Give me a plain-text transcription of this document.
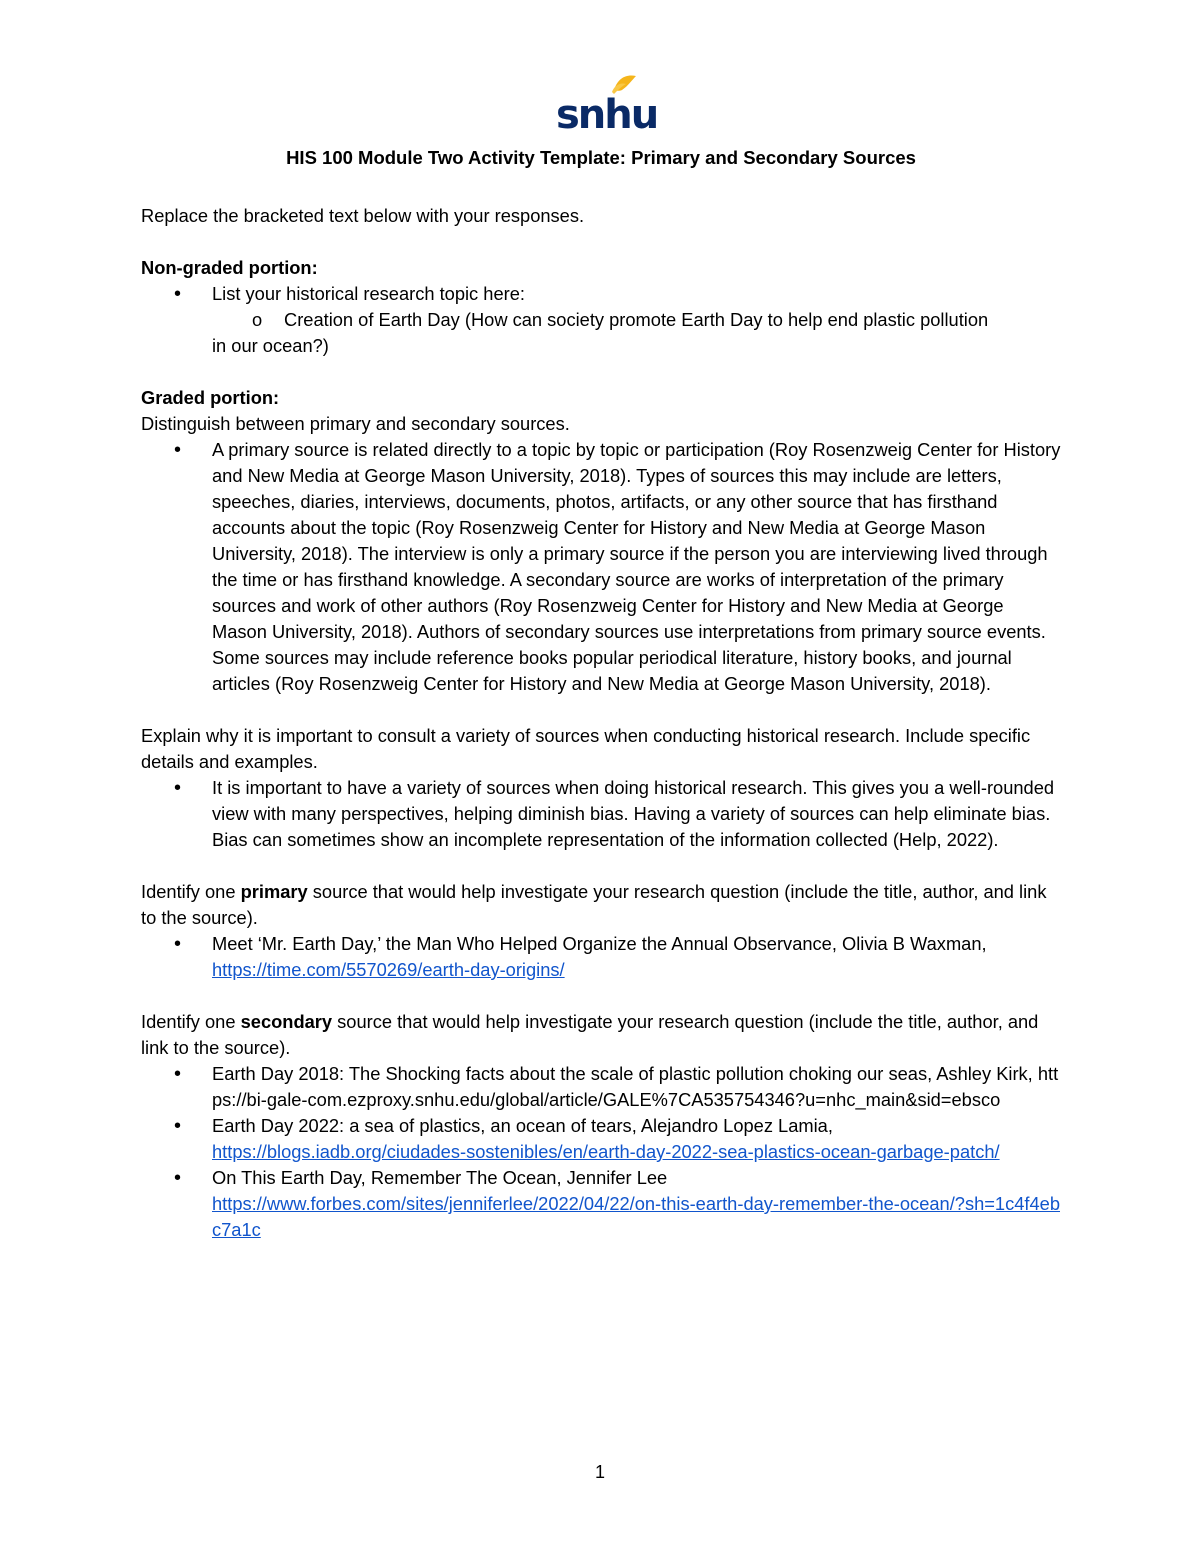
snhu

HIS 100 Module Two Activity Template: Primary and Secondary Sources

Replace the bracketed text below with your responses.

Non-graded portion:

• List your historical research topic here:
o	Creation of Earth Day (How can society promote Earth Day to help end plastic pollution
in our ocean?)

Graded portion:

Distinguish between primary and secondary sources.

• A primary source is related directly to a topic by topic or participation (Roy Rosenzweig Center for History and New Media at George Mason University, 2018). Types of sources this may include are letters, speeches, diaries, interviews, documents, photos, artifacts, or any other source that has firsthand accounts about the topic (Roy Rosenzweig Center for History and New Media at George Mason University, 2018). The interview is only a primary source if the person you are interviewing lived through the time or has firsthand knowledge. A secondary source are works of interpretation of the primary sources and work of other authors (Roy Rosenzweig Center for History and New Media at George Mason University, 2018). Authors of secondary sources use interpretations from primary source events. Some sources may include reference books popular periodical literature, history books, and journal articles (Roy Rosenzweig Center for History and New Media at George Mason University, 2018).

Explain why it is important to consult a variety of sources when conducting historical research. Include specific details and examples.

• It is important to have a variety of sources when doing historical research. This gives you a well-rounded view with many perspectives, helping diminish bias. Having a variety of sources can help eliminate bias. Bias can sometimes show an incomplete representation of the information collected (Help, 2022).

Identify one primary source that would help investigate your research question (include the title, author, and link to the source).

• Meet ‘Mr. Earth Day,’ the Man Who Helped Organize the Annual Observance, Olivia B Waxman,
https://time.com/5570269/earth-day-origins/

Identify one secondary source that would help investigate your research question (include the title, author, and link to the source).

• Earth Day 2018: The Shocking facts about the scale of plastic pollution choking our seas, Ashley Kirk, https://bi-gale-com.ezproxy.snhu.edu/global/article/GALE%7CA535754346?u=nhc_main&sid=ebsco
• Earth Day 2022: a sea of plastics, an ocean of tears, Alejandro Lopez Lamia,
https://blogs.iadb.org/ciudades-sostenibles/en/earth-day-2022-sea-plastics-ocean-garbage-patch/
• On This Earth Day, Remember The Ocean, Jennifer Lee
https://www.forbes.com/sites/jenniferlee/2022/04/22/on-this-earth-day-remember-the-ocean/?sh=1c4f4ebc7a1c
1
